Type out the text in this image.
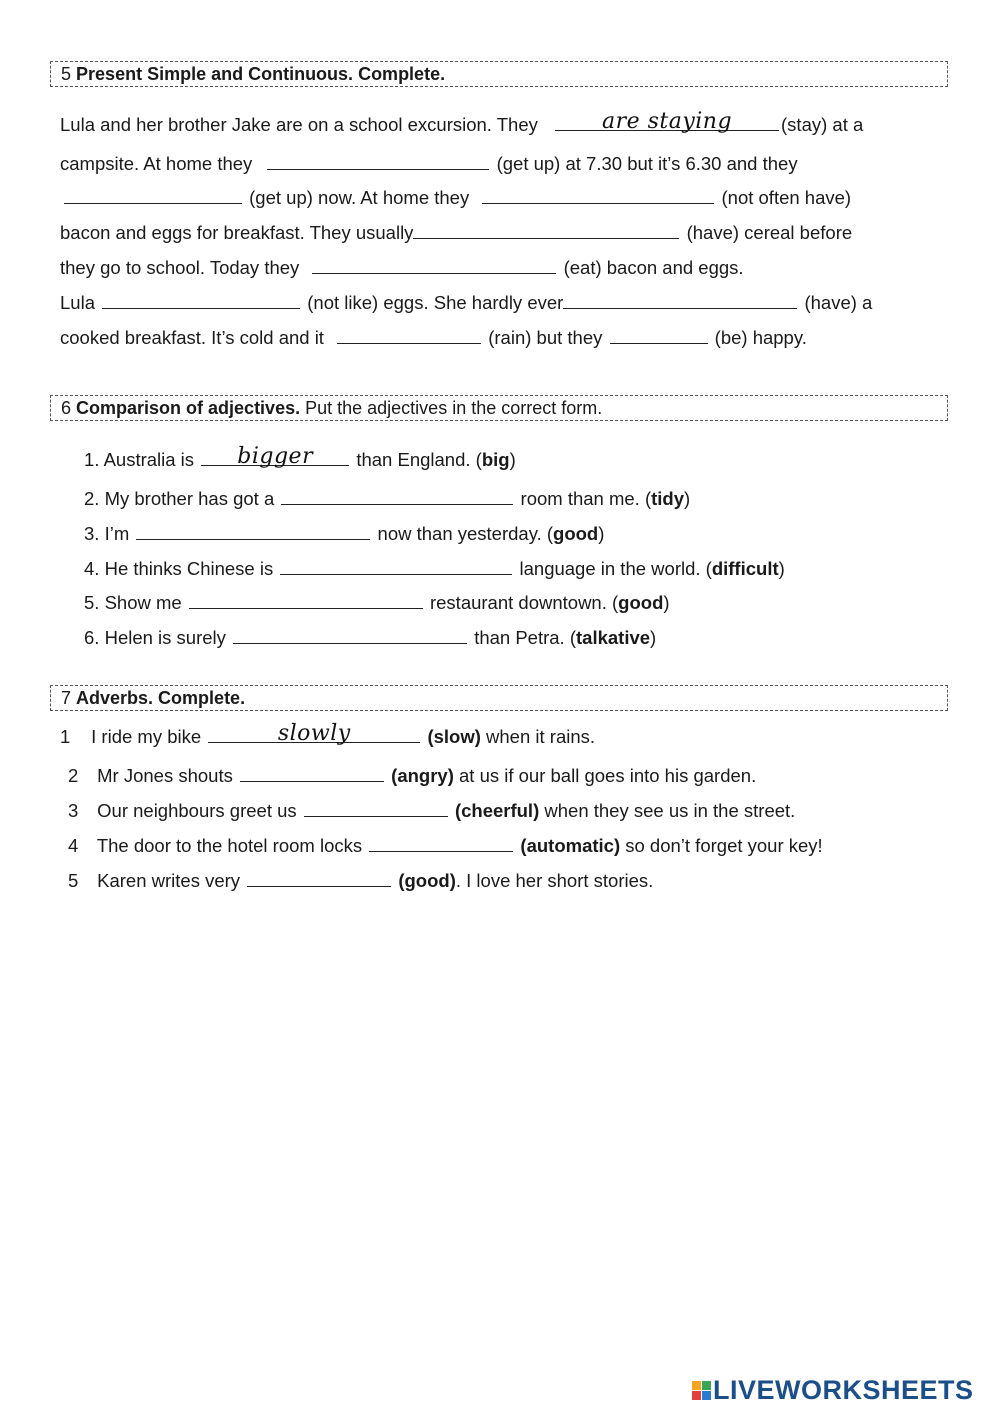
5 Present Simple and Continuous. Complete.
Lula and her brother Jake are on a school excursion. They	are staying	(stay) at a
campsite. At home they	(get up) at 7.30 but it’s 6.30 and they
(get up) now. At home they	(not often have)
bacon and eggs for breakfast. They usually	(have) cereal before
they go to school. Today they	(eat) bacon and eggs.
Lula	(not like) eggs. She hardly ever	(have) a
cooked breakfast. It’s cold and it	(rain) but they	(be) happy.
6 Comparison of adjectives. Put the adjectives in the correct form.
1. Australia is	bigger	than England. (big)
2. My brother has got a	room than me. (tidy)
3. I’m	now than yesterday. (good)
4. He thinks Chinese is	language in the world. (difficult)
5. Show me	restaurant downtown. (good)
6. Helen is surely	than Petra. (talkative)
7 Adverbs. Complete.
1 I ride my bike	slowly	(slow) when it rains.
2 Mr Jones shouts	(angry) at us if our ball goes into his garden.
3 Our neighbours greet us	(cheerful) when they see us in the street.
4 The door to the hotel room locks	(automatic) so don’t forget your key!
5 Karen writes very	(good). I love her short stories.
LIVEWORKSHEETS
